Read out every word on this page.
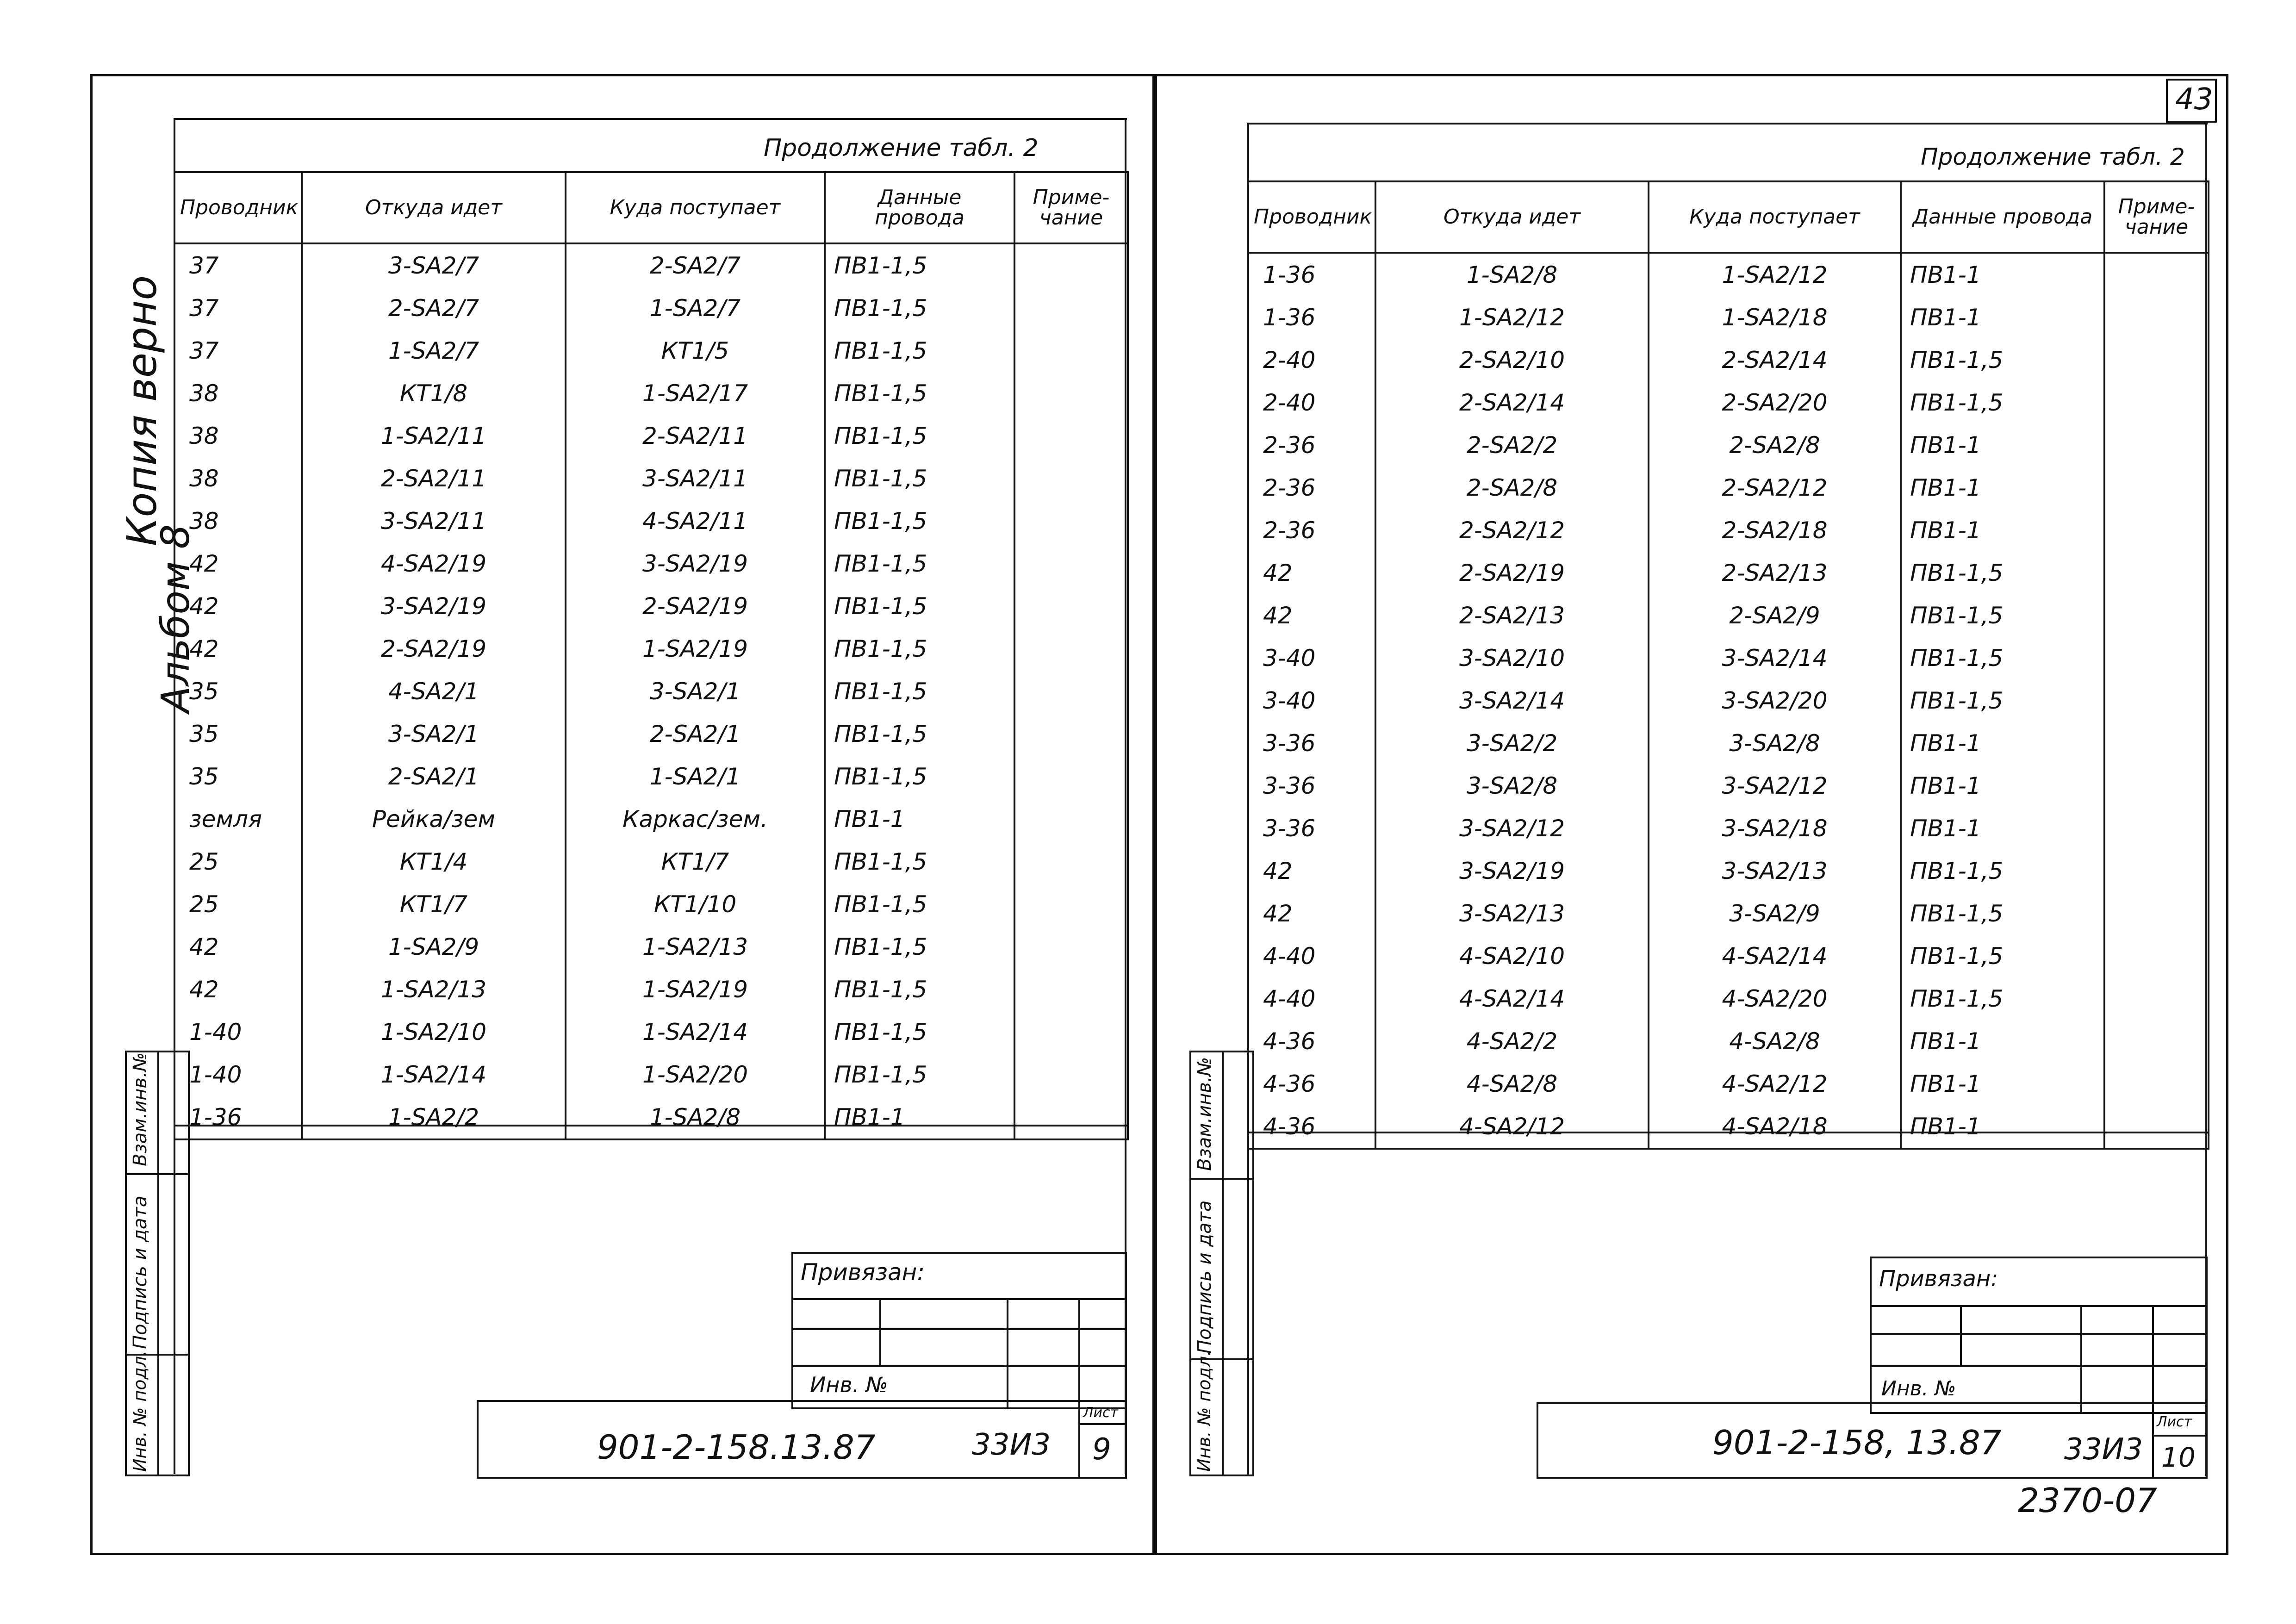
43
Копия верно
Альбом 8
Взам.инв.№
Подпись и дата
Инв. № подл.
Продолжение табл. 2
Проводник	Откуда идет	Куда поступает	Данные провода	Приме- чание
37	3-SA2/7	2-SA2/7	ПВ1-1,5	
37	2-SA2/7	1-SA2/7	ПВ1-1,5	
37	1-SA2/7	КТ1/5	ПВ1-1,5	
38	КТ1/8	1-SA2/17	ПВ1-1,5	
38	1-SA2/11	2-SA2/11	ПВ1-1,5	
38	2-SA2/11	3-SA2/11	ПВ1-1,5	
38	3-SA2/11	4-SA2/11	ПВ1-1,5	
42	4-SA2/19	3-SA2/19	ПВ1-1,5	
42	3-SA2/19	2-SA2/19	ПВ1-1,5	
42	2-SA2/19	1-SA2/19	ПВ1-1,5	
35	4-SA2/1	3-SA2/1	ПВ1-1,5	
35	3-SA2/1	2-SA2/1	ПВ1-1,5	
35	2-SA2/1	1-SA2/1	ПВ1-1,5	
земля	Рейка/зем	Каркас/зем.	ПВ1-1	
25	КТ1/4	КТ1/7	ПВ1-1,5	
25	КТ1/7	КТ1/10	ПВ1-1,5	
42	1-SA2/9	1-SA2/13	ПВ1-1,5	
42	1-SA2/13	1-SA2/19	ПВ1-1,5	
1-40	1-SA2/10	1-SA2/14	ПВ1-1,5	
1-40	1-SA2/14	1-SA2/20	ПВ1-1,5	
1-36	1-SA2/2	1-SA2/8	ПВ1-1	
Привязан:
Инв. №
901-2-158.13.87	33И3
Лист
9
Взам.инв.№
Подпись и дата
Инв. № подл.
Продолжение табл. 2
Проводник	Откуда идет	Куда поступает	Данные провода	Приме- чание
1-36	1-SA2/8	1-SA2/12	ПВ1-1	
1-36	1-SA2/12	1-SA2/18	ПВ1-1	
2-40	2-SA2/10	2-SA2/14	ПВ1-1,5	
2-40	2-SA2/14	2-SA2/20	ПВ1-1,5	
2-36	2-SA2/2	2-SA2/8	ПВ1-1	
2-36	2-SA2/8	2-SA2/12	ПВ1-1	
2-36	2-SA2/12	2-SA2/18	ПВ1-1	
42	2-SA2/19	2-SA2/13	ПВ1-1,5	
42	2-SA2/13	2-SA2/9	ПВ1-1,5	
3-40	3-SA2/10	3-SA2/14	ПВ1-1,5	
3-40	3-SA2/14	3-SA2/20	ПВ1-1,5	
3-36	3-SA2/2	3-SA2/8	ПВ1-1	
3-36	3-SA2/8	3-SA2/12	ПВ1-1	
3-36	3-SA2/12	3-SA2/18	ПВ1-1	
42	3-SA2/19	3-SA2/13	ПВ1-1,5	
42	3-SA2/13	3-SA2/9	ПВ1-1,5	
4-40	4-SA2/10	4-SA2/14	ПВ1-1,5	
4-40	4-SA2/14	4-SA2/20	ПВ1-1,5	
4-36	4-SA2/2	4-SA2/8	ПВ1-1	
4-36	4-SA2/8	4-SA2/12	ПВ1-1	
4-36	4-SA2/12	4-SA2/18	ПВ1-1	
Привязан:
Инв. №
901-2-158, 13.87 33И3
Лист
10
2370-07
